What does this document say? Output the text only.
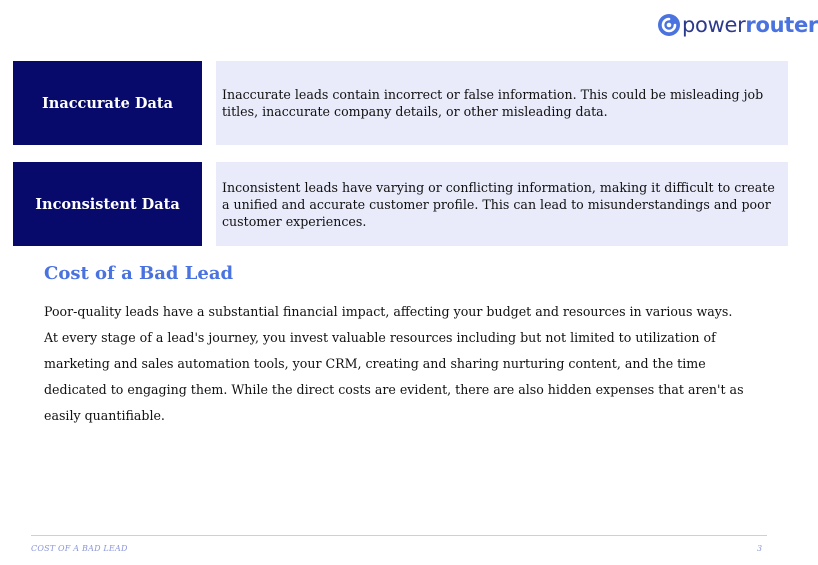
powerrouter
Inaccurate Data	Inaccurate leads contain incorrect or false information. This could be misleading job titles, inaccurate company details, or other misleading data.
Inconsistent Data
Inconsistent leads have varying or conflicting information, making it difficult to create a unified and accurate customer profile. This can lead to misunderstandings and poor customer experiences.
Cost of a Bad Lead

Poor-quality leads have a substantial financial impact, affecting your budget and resources in various ways. At every stage of a lead's journey, you invest valuable resources including but not limited to utilization of marketing and sales automation tools, your CRM, creating and sharing nurturing content, and the time dedicated to engaging them. While the direct costs are evident, there are also hidden expenses that aren't as easily quantifiable.

COST OF A BAD LEAD	3
